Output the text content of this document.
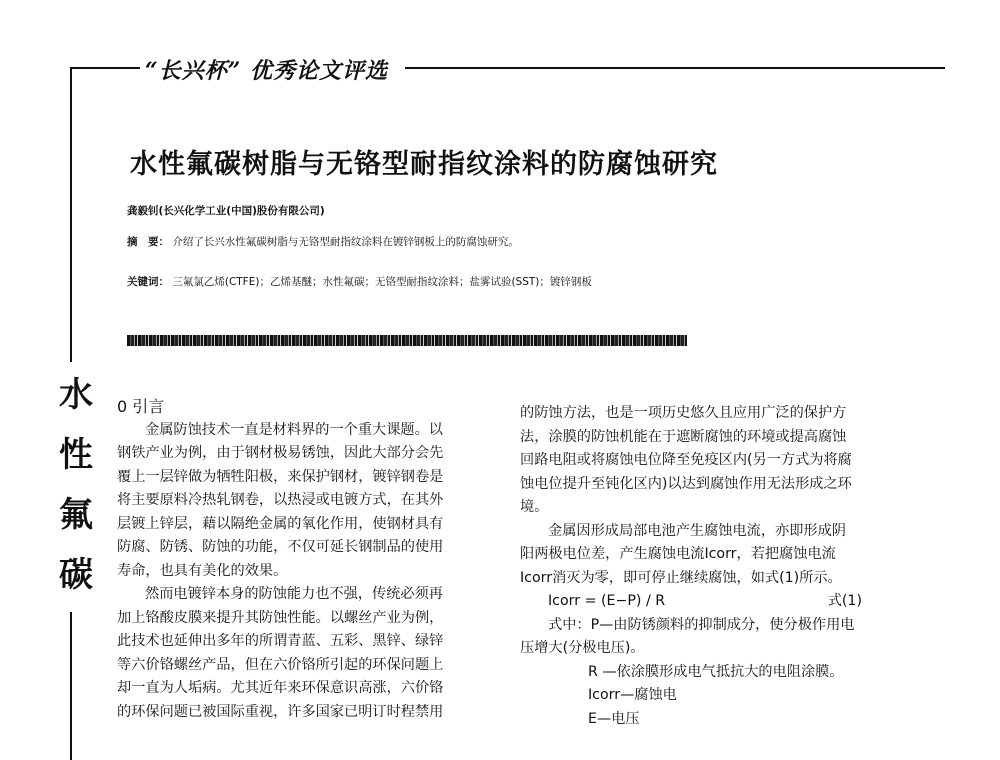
“长兴杯” 优秀论文评选
水性氟碳树脂与无铬型耐指纹涂料的防腐蚀研究
龚毅钊(长兴化学工业(中国)股份有限公司)
摘　要： 介绍了长兴水性氟碳树脂与无铬型耐指纹涂料在镀锌钢板上的防腐蚀研究。
关键词： 三氟氯乙烯(CTFE)；乙烯基醚；水性氟碳；无铬型耐指纹涂料；盐雾试验(SST)；镀锌钢板
水
性
氟
碳

0 引言

金属防蚀技术一直是材料界的一个重大课题。以

钢铁产业为例，由于钢材极易锈蚀，因此大部分会先

覆上一层锌做为牺牲阳极，来保护钢材，镀锌钢卷是

将主要原料冷热轧钢卷，以热浸或电镀方式，在其外

层镀上锌层，藉以隔绝金属的氧化作用，使钢材具有

防腐、防锈、防蚀的功能，不仅可延长钢制品的使用

寿命，也具有美化的效果。

然而电镀锌本身的防蚀能力也不强，传统必须再

加上铬酸皮膜来提升其防蚀性能。以螺丝产业为例，

此技术也延伸出多年的所谓青蓝、五彩、黑锌、绿锌

等六价铬螺丝产品，但在六价铬所引起的环保问题上

却一直为人垢病。尤其近年来环保意识高涨，六价铬

的环保问题已被国际重视，许多国家已明订时程禁用

的防蚀方法，也是一项历史悠久且应用广泛的保护方

法，涂膜的防蚀机能在于遮断腐蚀的环境或提高腐蚀

回路电阻或将腐蚀电位降至免疫区内(另一方式为将腐

蚀电位提升至钝化区内)以达到腐蚀作用无法形成之环

境。

金属因形成局部电池产生腐蚀电流，亦即形成阴

阳两极电位差，产生腐蚀电流Icorr，若把腐蚀电流

Icorr消灭为零，即可停止继续腐蚀，如式(1)所示。

Icorr = (E−P) / R	式(1)

式中：P—由防锈颜料的抑制成分，使分极作用电

压增大(分极电压)。

R —依涂膜形成电气抵抗大的电阻涂膜。

Icorr—腐蚀电

E—电压
